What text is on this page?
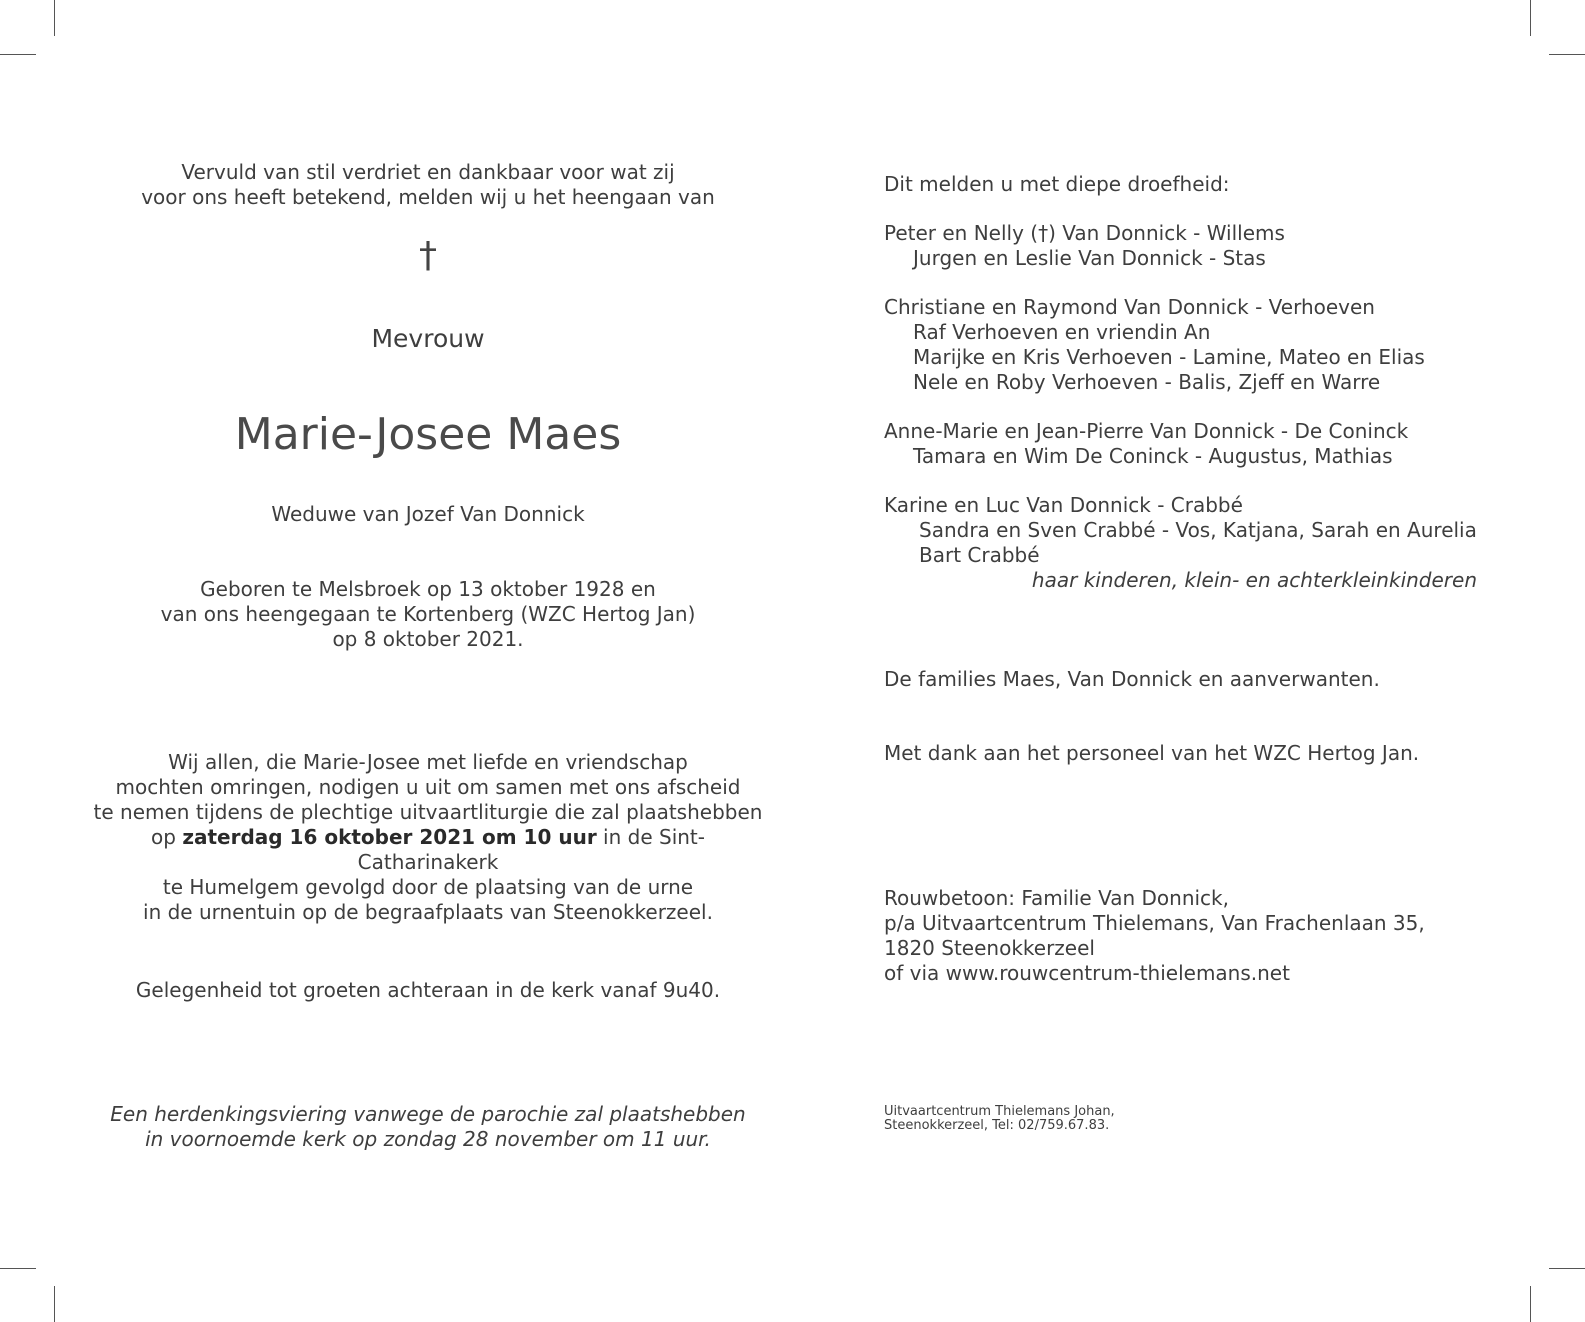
Vervuld van stil verdriet en dankbaar voor wat zij

voor ons heeft betekend, melden wij u het heengaan van

†
Mevrouw
Marie-Josee Maes
Weduwe van Jozef Van Donnick

Geboren te Melsbroek op 13 oktober 1928 en

van ons heengegaan te Kortenberg (WZC Hertog Jan)

op 8 oktober 2021.

Wij allen, die Marie-Josee met liefde en vriendschap

mochten omringen, nodigen u uit om samen met ons afscheid

te nemen tijdens de plechtige uitvaartliturgie die zal plaatshebben

op zaterdag 16 oktober 2021 om 10 uur in de Sint-Catharinakerk

te Humelgem gevolgd door de plaatsing van de urne

in de urnentuin op de begraafplaats van Steenokkerzeel.

Gelegenheid tot groeten achteraan in de kerk vanaf 9u40.

Een herdenkingsviering vanwege de parochie zal plaatshebben

in voornoemde kerk op zondag 28 november om 11 uur.

Dit melden u met diepe droefheid:

Peter en Nelly (†) Van Donnick - Willems

Jurgen en Leslie Van Donnick - Stas

Christiane en Raymond Van Donnick - Verhoeven

Raf Verhoeven en vriendin An

Marijke en Kris Verhoeven - Lamine, Mateo en Elias

Nele en Roby Verhoeven - Balis, Zjeff en Warre

Anne-Marie en Jean-Pierre Van Donnick - De Coninck

Tamara en Wim De Coninck - Augustus, Mathias

Karine en Luc Van Donnick - Crabbé

Sandra en Sven Crabbé - Vos, Katjana, Sarah en Aurelia

Bart Crabbé

haar kinderen, klein- en achterkleinkinderen

De families Maes, Van Donnick en aanverwanten.
Met dank aan het personeel van het WZC Hertog Jan.

Rouwbetoon: Familie Van Donnick,

p/a Uitvaartcentrum Thielemans, Van Frachenlaan 35,

1820 Steenokkerzeel

of via www.rouwcentrum-thielemans.net

Uitvaartcentrum Thielemans Johan,

Steenokkerzeel, Tel: 02/759.67.83.
